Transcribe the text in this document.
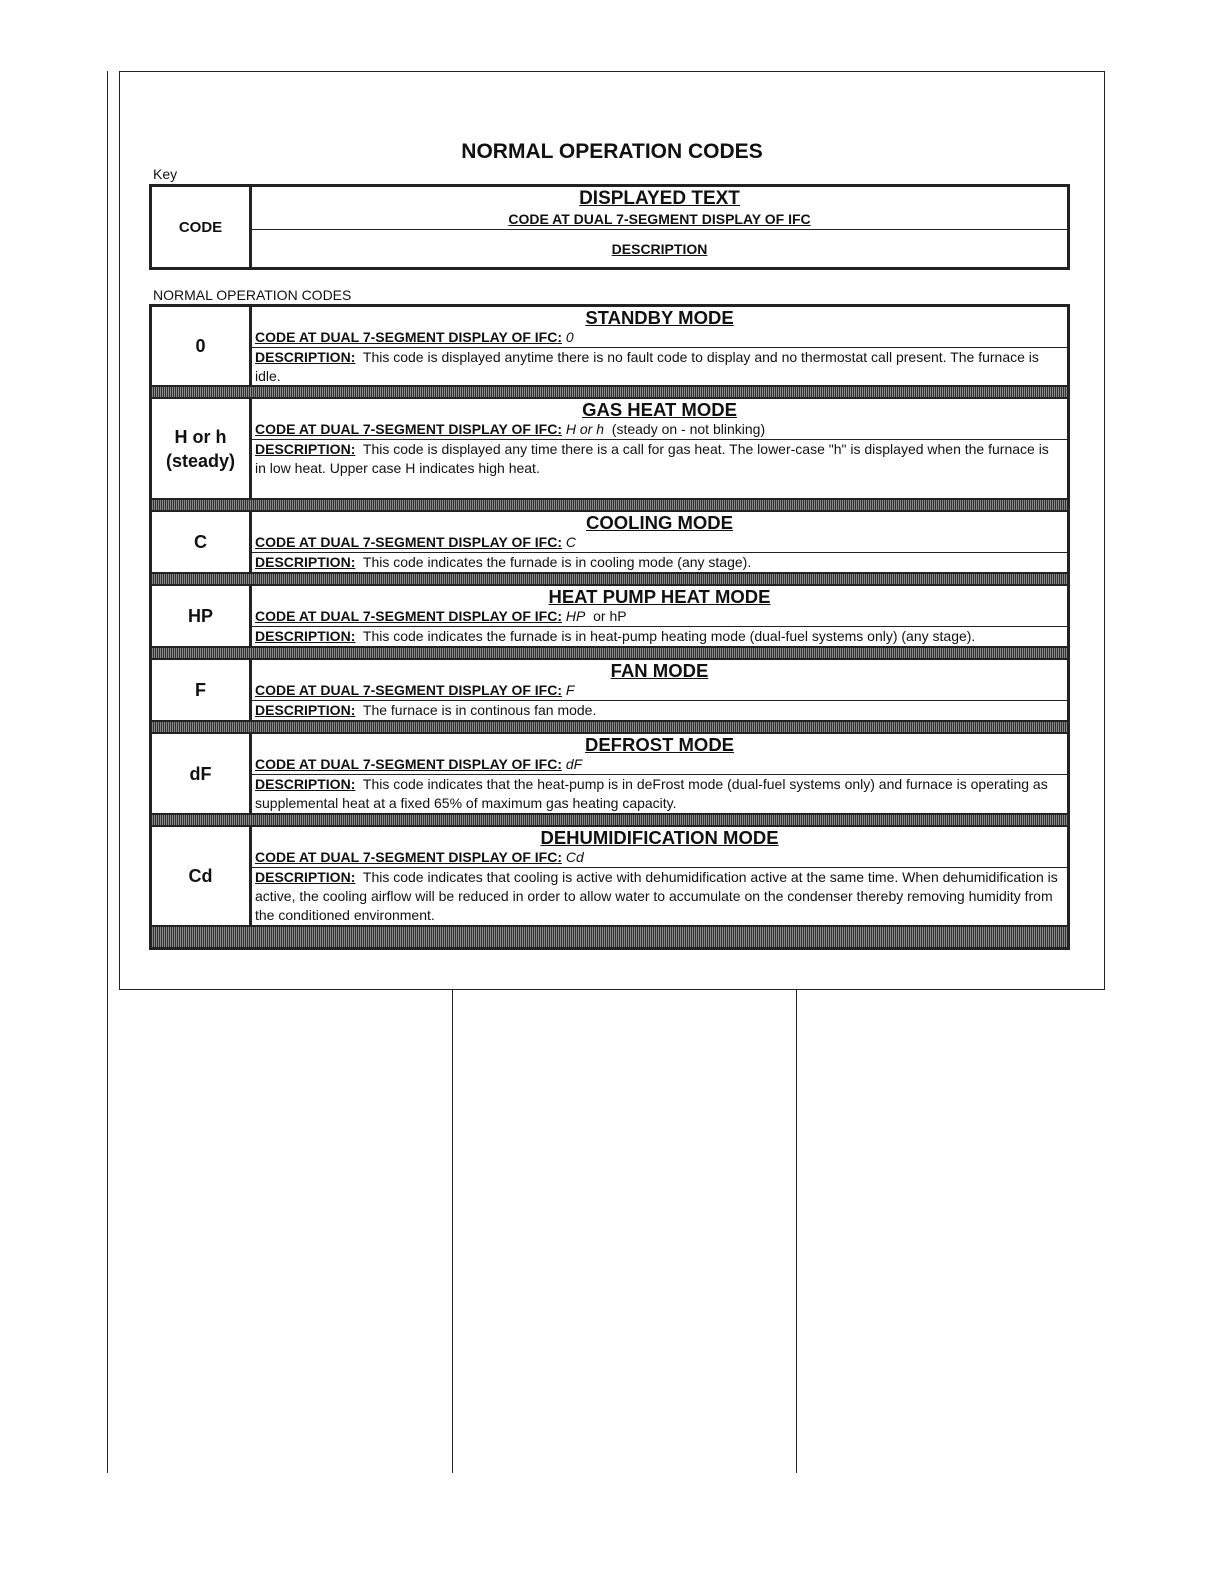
NORMAL OPERATION CODES
Key
CODE
DISPLAYED TEXT
CODE AT DUAL 7-SEGMENT DISPLAY OF IFC
DESCRIPTION
NORMAL OPERATION CODES
0
STANDBY MODE
CODE AT DUAL 7-SEGMENT DISPLAY OF IFC: 0
DESCRIPTION: This code is displayed anytime there is no fault code to display and no thermostat call present. The furnace is idle.
H or h (steady)
GAS HEAT MODE
CODE AT DUAL 7-SEGMENT DISPLAY OF IFC: H or h (steady on - not blinking)
DESCRIPTION: This code is displayed any time there is a call for gas heat. The lower-case "h" is displayed when the furnace is in low heat. Upper case H indicates high heat.
C
COOLING MODE
CODE AT DUAL 7-SEGMENT DISPLAY OF IFC: C
DESCRIPTION: This code indicates the furnade is in cooling mode (any stage).
HP
HEAT PUMP HEAT MODE
CODE AT DUAL 7-SEGMENT DISPLAY OF IFC: HP or hP
DESCRIPTION: This code indicates the furnade is in heat-pump heating mode (dual-fuel systems only) (any stage).
F
FAN MODE
CODE AT DUAL 7-SEGMENT DISPLAY OF IFC: F
DESCRIPTION: The furnace is in continous fan mode.
dF
DEFROST MODE
CODE AT DUAL 7-SEGMENT DISPLAY OF IFC: dF
DESCRIPTION: This code indicates that the heat-pump is in deFrost mode (dual-fuel systems only) and furnace is operating as supplemental heat at a fixed 65% of maximum gas heating capacity.
Cd
DEHUMIDIFICATION MODE
CODE AT DUAL 7-SEGMENT DISPLAY OF IFC: Cd
DESCRIPTION: This code indicates that cooling is active with dehumidification active at the same time. When dehumidification is active, the cooling airflow will be reduced in order to allow water to accumulate on the condenser thereby removing humidity from the conditioned environment.
